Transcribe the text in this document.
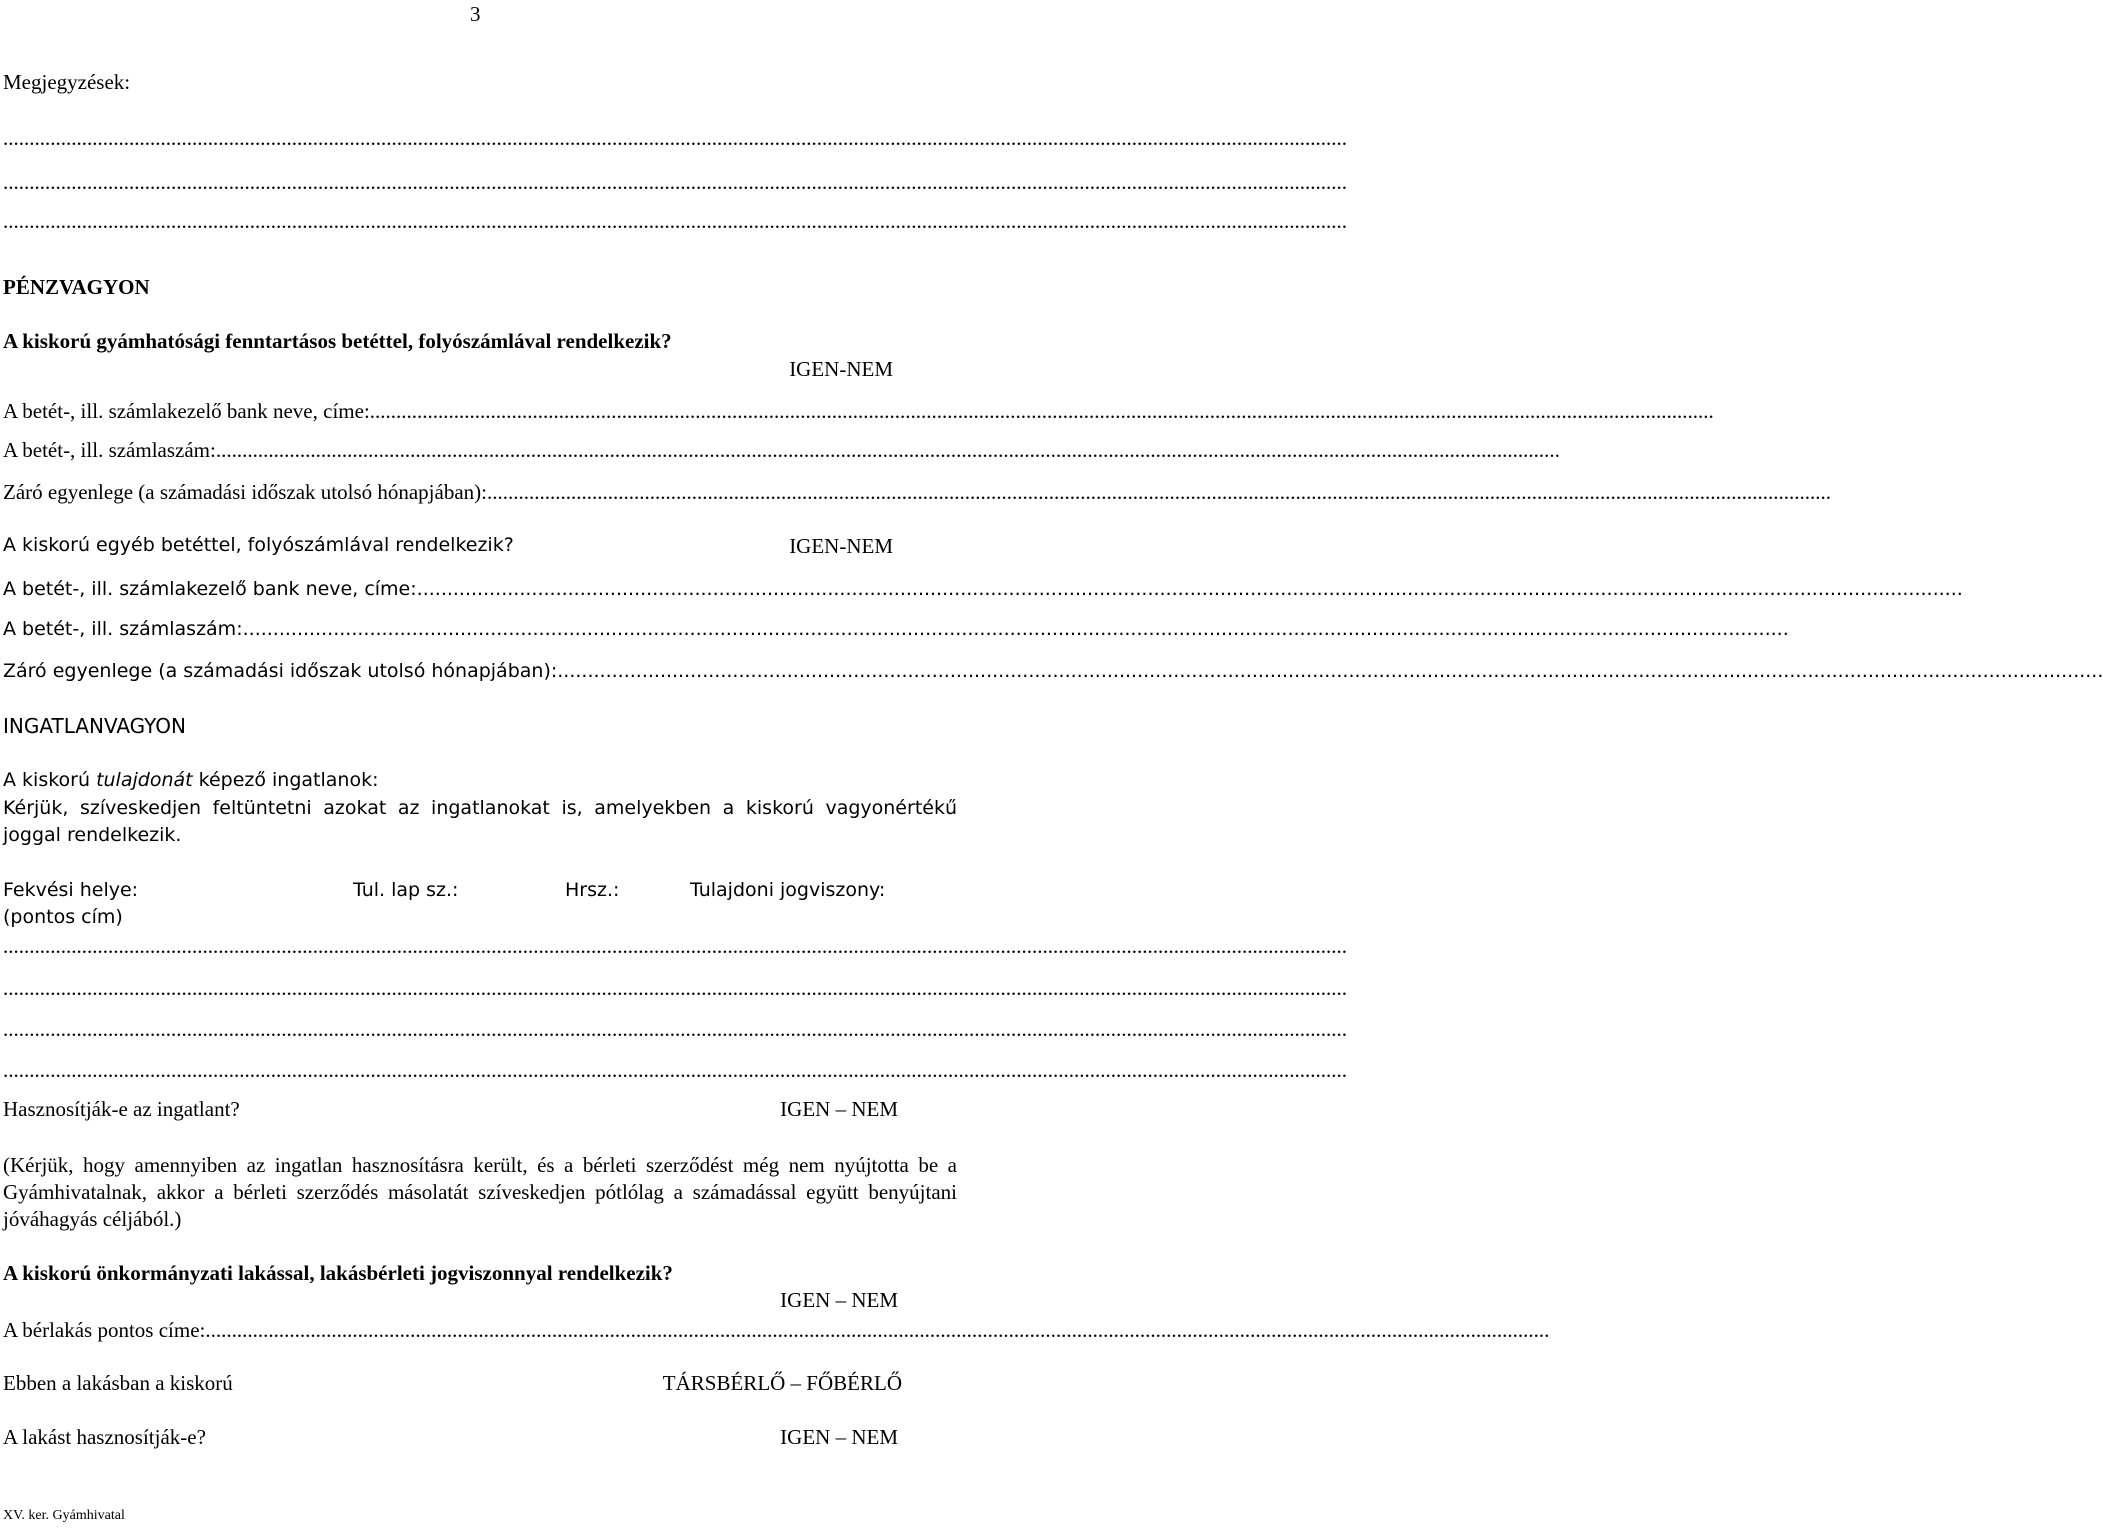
3
Megjegyzések:
................................................................................................................................................................................................................................................................
................................................................................................................................................................................................................................................................
................................................................................................................................................................................................................................................................
PÉNZVAGYON
A kiskorú gyámhatósági fenntartásos betéttel, folyószámlával rendelkezik?
IGEN-NEM
A betét-, ill. számlakezelő bank neve, címe: ................................................................................................................................................................................................................................................................
A betét-, ill. számlaszám: ................................................................................................................................................................................................................................................................
Záró egyenlege (a számadási időszak utolsó hónapjában): ................................................................................................................................................................................................................................................................
A kiskorú egyéb betéttel, folyószámlával rendelkezik?	IGEN-NEM
A betét-, ill. számlakezelő bank neve, címe: ................................................................................................................................................................................................................................................................
A betét-, ill. számlaszám: ................................................................................................................................................................................................................................................................
Záró egyenlege (a számadási időszak utolsó hónapjában): ................................................................................................................................................................................................................................................................
INGATLANVAGYON
A kiskorú tulajdonát képező ingatlanok:
Kérjük, szíveskedjen feltüntetni azokat az ingatlanokat is, amelyekben a kiskorú vagyonértékű joggal rendelkezik.
Fekvési helye:	Tul. lap sz.:	Hrsz.:	Tulajdoni jogviszony:
(pontos cím)
................................................................................................................................................................................................................................................................
................................................................................................................................................................................................................................................................
................................................................................................................................................................................................................................................................
................................................................................................................................................................................................................................................................
Hasznosítják-e az ingatlant?	IGEN – NEM
(Kérjük, hogy amennyiben az ingatlan hasznosításra került, és a bérleti szerződést még nem nyújtotta be a Gyámhivatalnak, akkor a bérleti szerződés másolatát szíveskedjen pótlólag a számadással együtt benyújtani jóváhagyás céljából.)
A kiskorú önkormányzati lakással, lakásbérleti jogviszonnyal rendelkezik?
IGEN – NEM
A bérlakás pontos címe: ................................................................................................................................................................................................................................................................
Ebben a lakásban a kiskorú	TÁRSBÉRLŐ – FŐBÉRLŐ
A lakást hasznosítják-e?	IGEN – NEM
XV. ker. Gyámhivatal
